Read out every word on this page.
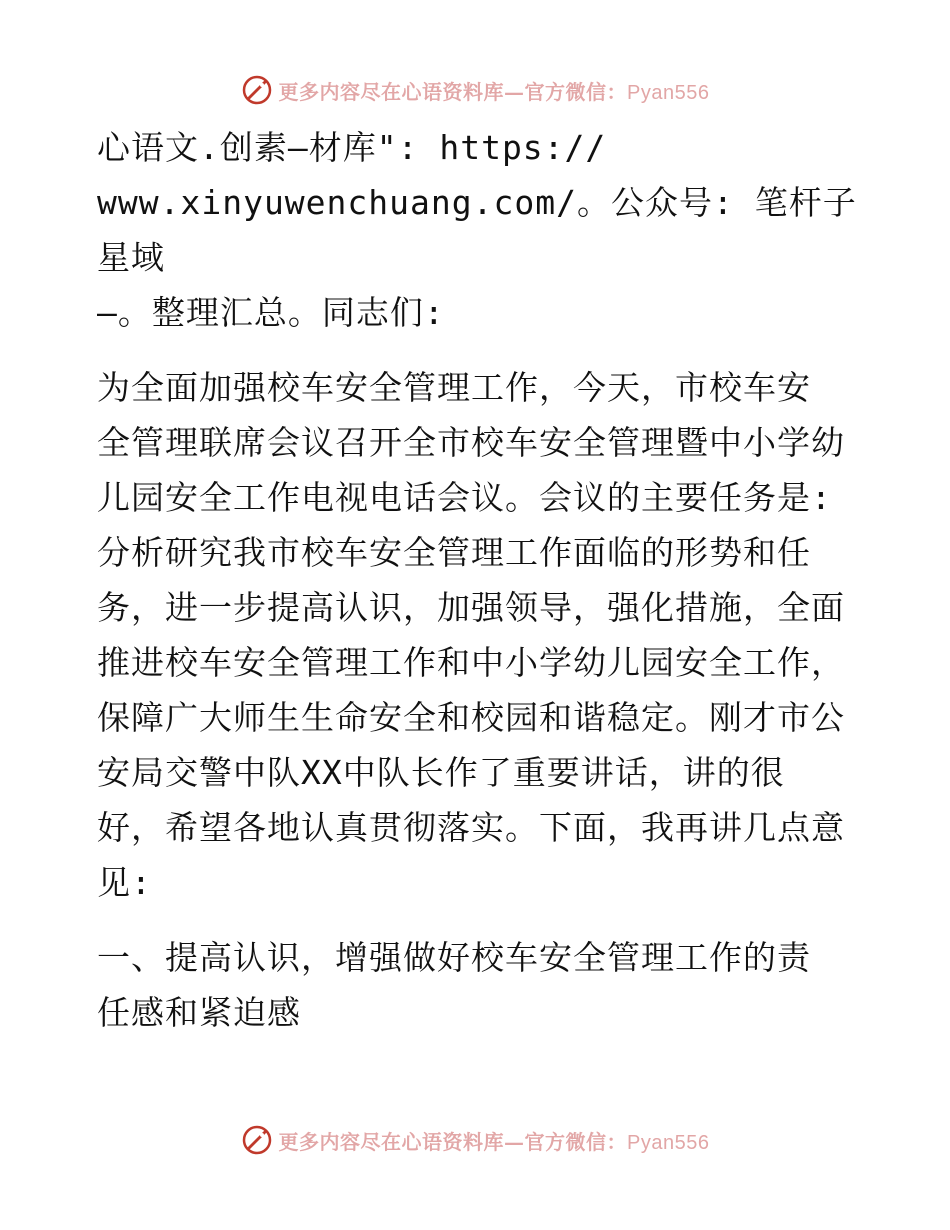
更多内容尽在心语资料库—官方微信：Pyan556

心语文.创素—材库": https://
www.xinyuwenchuang.com/。公众号: 笔杆子星域
—。整理汇总。同志们:

为全面加强校车安全管理工作，今天，市校车安
全管理联席会议召开全市校车安全管理暨中小学幼
儿园安全工作电视电话会议。会议的主要任务是:
分析研究我市校车安全管理工作面临的形势和任
务，进一步提高认识，加强领导，强化措施，全面
推进校车安全管理工作和中小学幼儿园安全工作，
保障广大师生生命安全和校园和谐稳定。刚才市公
安局交警中队XX中队长作了重要讲话，讲的很
好，希望各地认真贯彻落实。下面，我再讲几点意
见:

一、提高认识，增强做好校车安全管理工作的责
任感和紧迫感

更多内容尽在心语资料库—官方微信：Pyan556
